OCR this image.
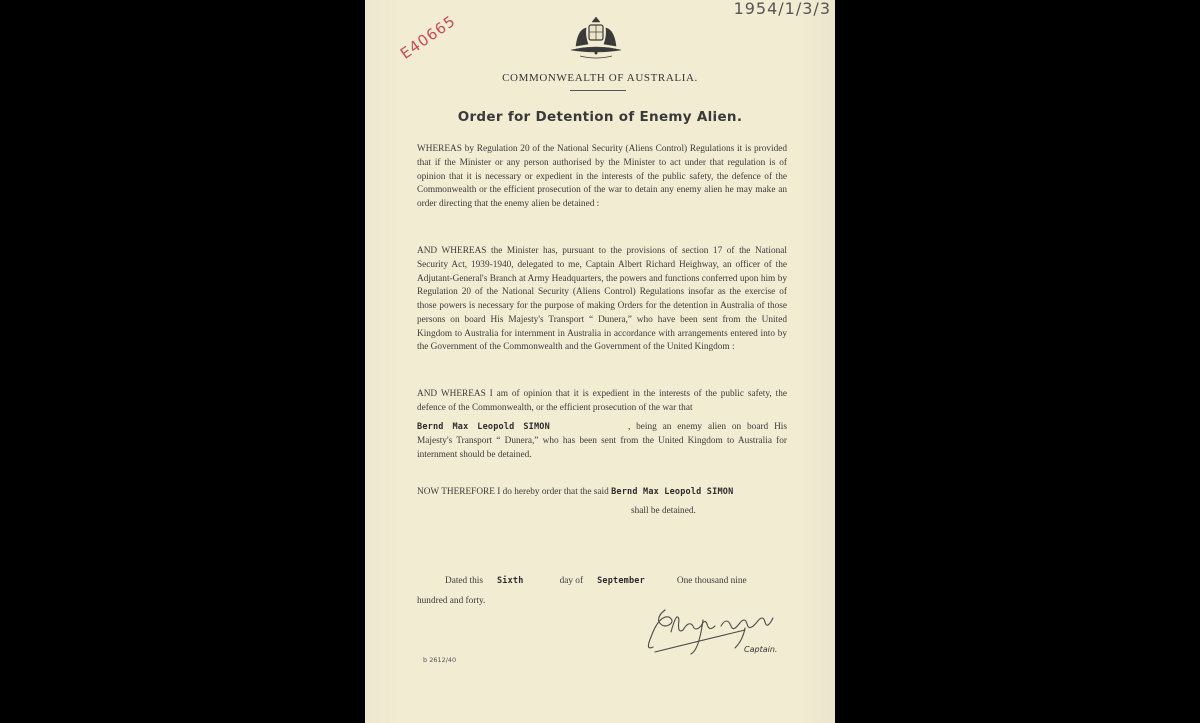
1954/1/3/3
E40665
COMMONWEALTH OF AUSTRALIA.
Order for Detention of Enemy Alien.
WHEREAS by Regulation 20 of the National Security (Aliens Control) Regulations it is provided that if the Minister or any person authorised by the Minister to act under that regulation is of opinion that it is necessary or expedient in the interests of the public safety, the defence of the Commonwealth or the efficient prosecution of the war to detain any enemy alien he may make an order directing that the enemy alien be detained :
AND WHEREAS the Minister has, pursuant to the provisions of section 17 of the National Security Act, 1939-1940, delegated to me, Captain Albert Richard Heighway, an officer of the Adjutant-General's Branch at Army Headquarters, the powers and functions conferred upon him by Regulation 20 of the National Security (Aliens Control) Regulations insofar as the exercise of those powers is necessary for the purpose of making Orders for the detention in Australia of those persons on board His Majesty's Transport “ Dunera,” who have been sent from the United Kingdom to Australia for internment in Australia in accordance with arrangements entered into by the Government of the Commonwealth and the Government of the United Kingdom :
AND WHEREAS I am of opinion that it is expedient in the interests of the public safety, the defence of the Commonwealth, or the efficient prosecution of the war that
Bernd Max Leopold SIMON	, being an enemy alien on board His Majesty's Transport “ Dunera,” who has been sent from the United Kingdom to Australia for internment should be detained.
NOW THEREFORE I do hereby order that the said Bernd Max Leopold SIMON
shall be detained.
Dated this Sixth	day of September	One thousand nine
hundred and forty.
b 2612/40
Captain.
